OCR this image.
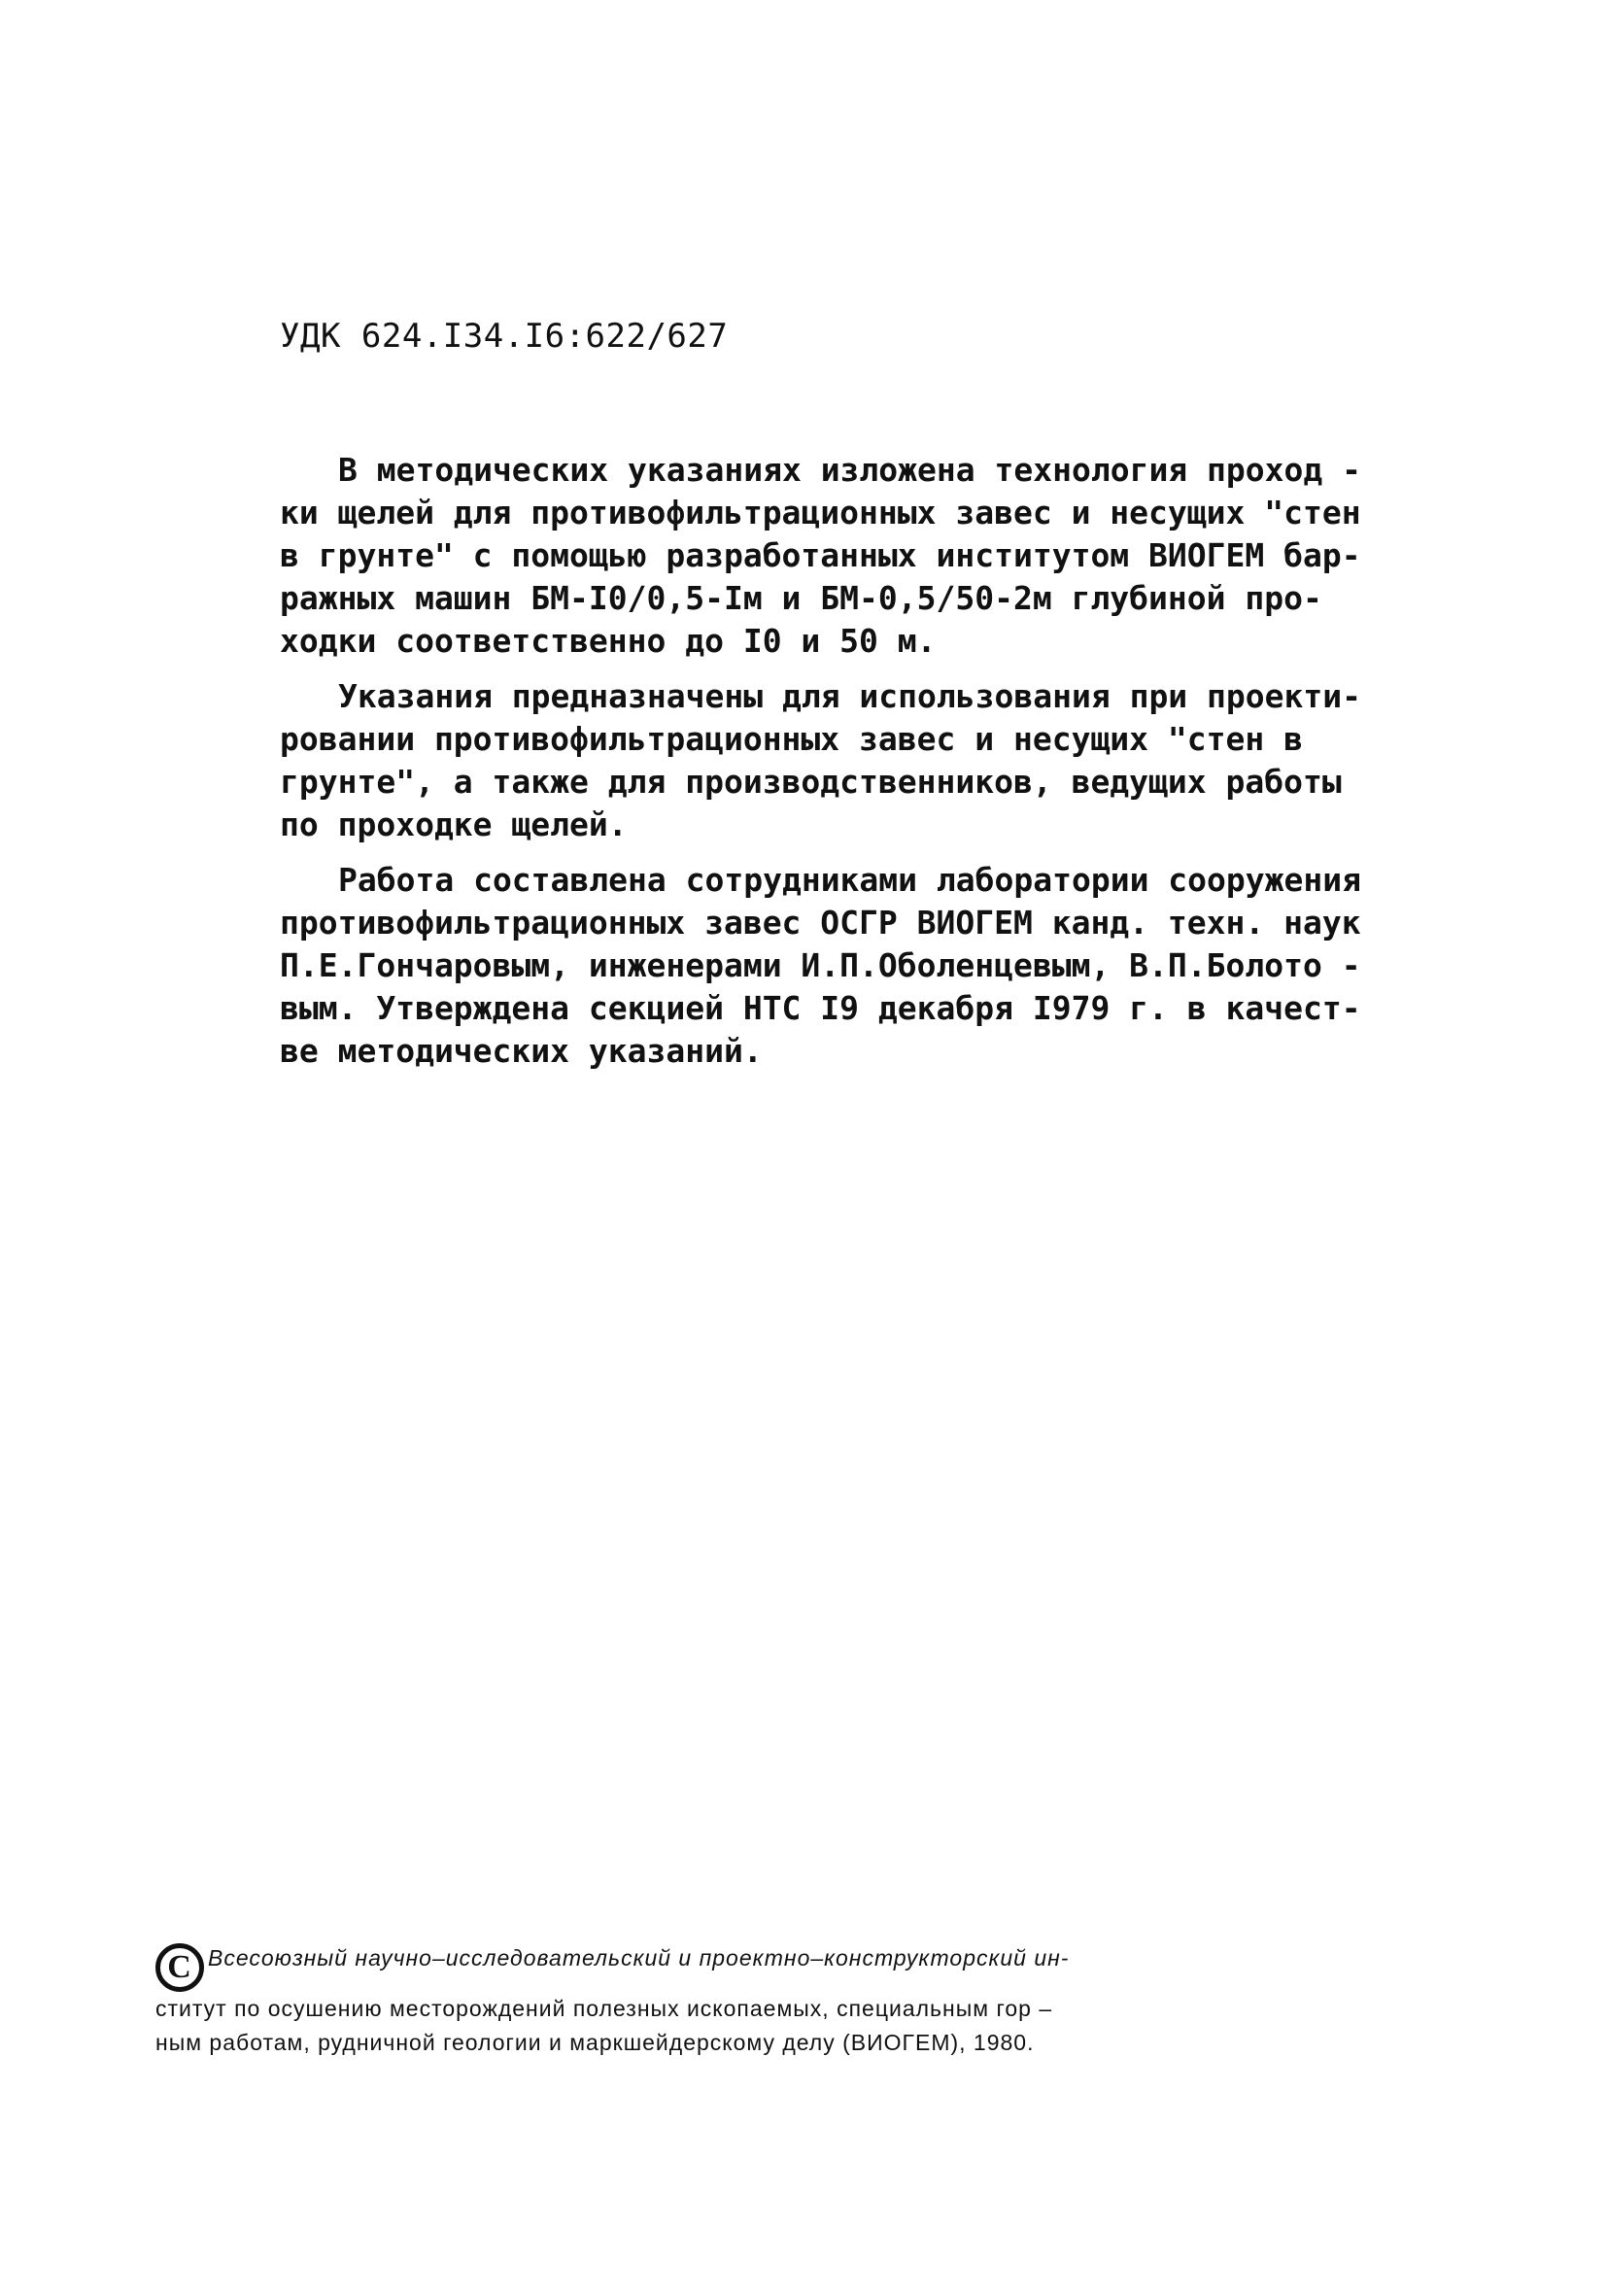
УДК 624.I34.I6:622/627
В методических указаниях изложена технология проход -
ки щелей для противофильтрационных завес и несущих "стен
в грунте" с помощью разработанных институтом ВИОГЕМ бар-
ражных машин БМ-I0/0,5-Iм и БМ-0,5/50-2м глубиной про-
ходки соответственно до I0 и 50 м.
Указания предназначены для использования при проекти-
ровании противофильтрационных завес и несущих "стен в
грунте", а также для производственников, ведущих работы
по проходке щелей.
Работа составлена сотрудниками лаборатории сооружения
противофильтрационных завес ОСГР ВИОГЕМ канд. техн. наук
П.Е.Гончаровым, инженерами И.П.Оболенцевым, В.П.Болото -
вым. Утверждена секцией НТС I9 декабря I979 г. в качест-
ве методических указаний.
C Всесоюзный научно–исследовательский и проектно–конструкторский ин-
ститут по осушению месторождений полезных ископаемых, специальным гор –
ным работам, рудничной геологии и маркшейдерскому делу (ВИОГЕМ), 1980.
